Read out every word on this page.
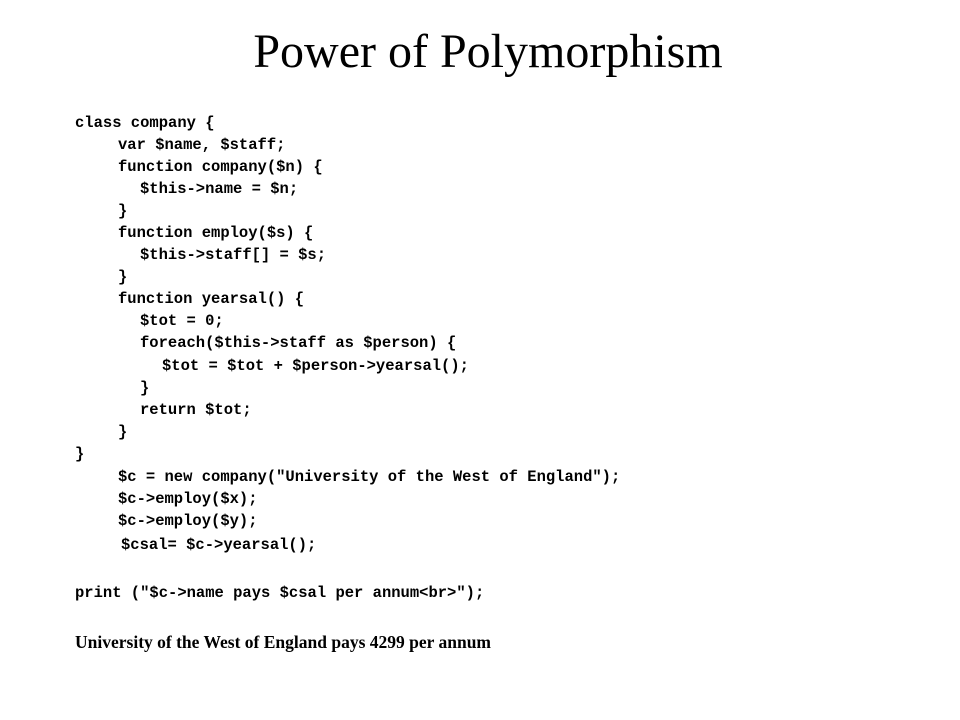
Power of Polymorphism
class company {
var $name, $staff;
function company($n) {
$this->name = $n;
}
function employ($s) {
$this->staff[] = $s;
}
function yearsal() {
$tot = 0;
foreach($this->staff as $person) {
$tot = $tot + $person->yearsal();
}
return $tot;
}
}
$c = new company("University of the West of England");
$c->employ($x);
$c->employ($y);
$csal= $c->yearsal();
print ("$c->name pays $csal per annum<br>");
University of the West of England pays 4299 per annum
